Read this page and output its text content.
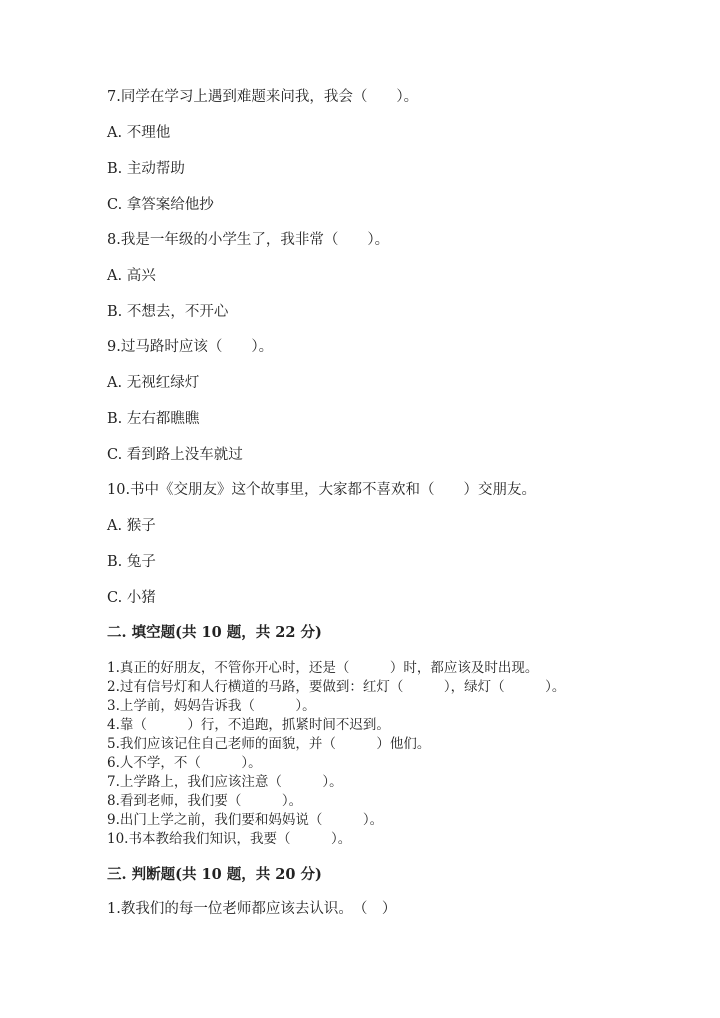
7.同学在学习上遇到难题来问我，我会（　　）。
A. 不理他
B. 主动帮助
C. 拿答案给他抄
8.我是一年级的小学生了，我非常（　　）。
A. 高兴
B. 不想去，不开心
9.过马路时应该（　　）。
A. 无视红绿灯
B. 左右都瞧瞧
C. 看到路上没车就过
10.书中《交朋友》这个故事里，大家都不喜欢和（　　）交朋友。
A. 猴子
B. 兔子
C. 小猪
二. 填空题(共 10 题，共 22 分)
1.真正的好朋友，不管你开心时，还是（　　　）时，都应该及时出现。
2.过有信号灯和人行横道的马路，要做到：红灯（　　　），绿灯（　　　）。
3.上学前，妈妈告诉我（　　　）。
4.靠（　　　）行，不追跑，抓紧时间不迟到。
5.我们应该记住自己老师的面貌，并（　　　）他们。
6.人不学，不（　　　）。
7.上学路上，我们应该注意（　　　）。
8.看到老师，我们要（　　　）。
9.出门上学之前，我们要和妈妈说（　　　）。
10.书本教给我们知识，我要（　　　）。
三. 判断题(共 10 题，共 20 分)
1.教我们的每一位老师都应该去认识。　（　）
